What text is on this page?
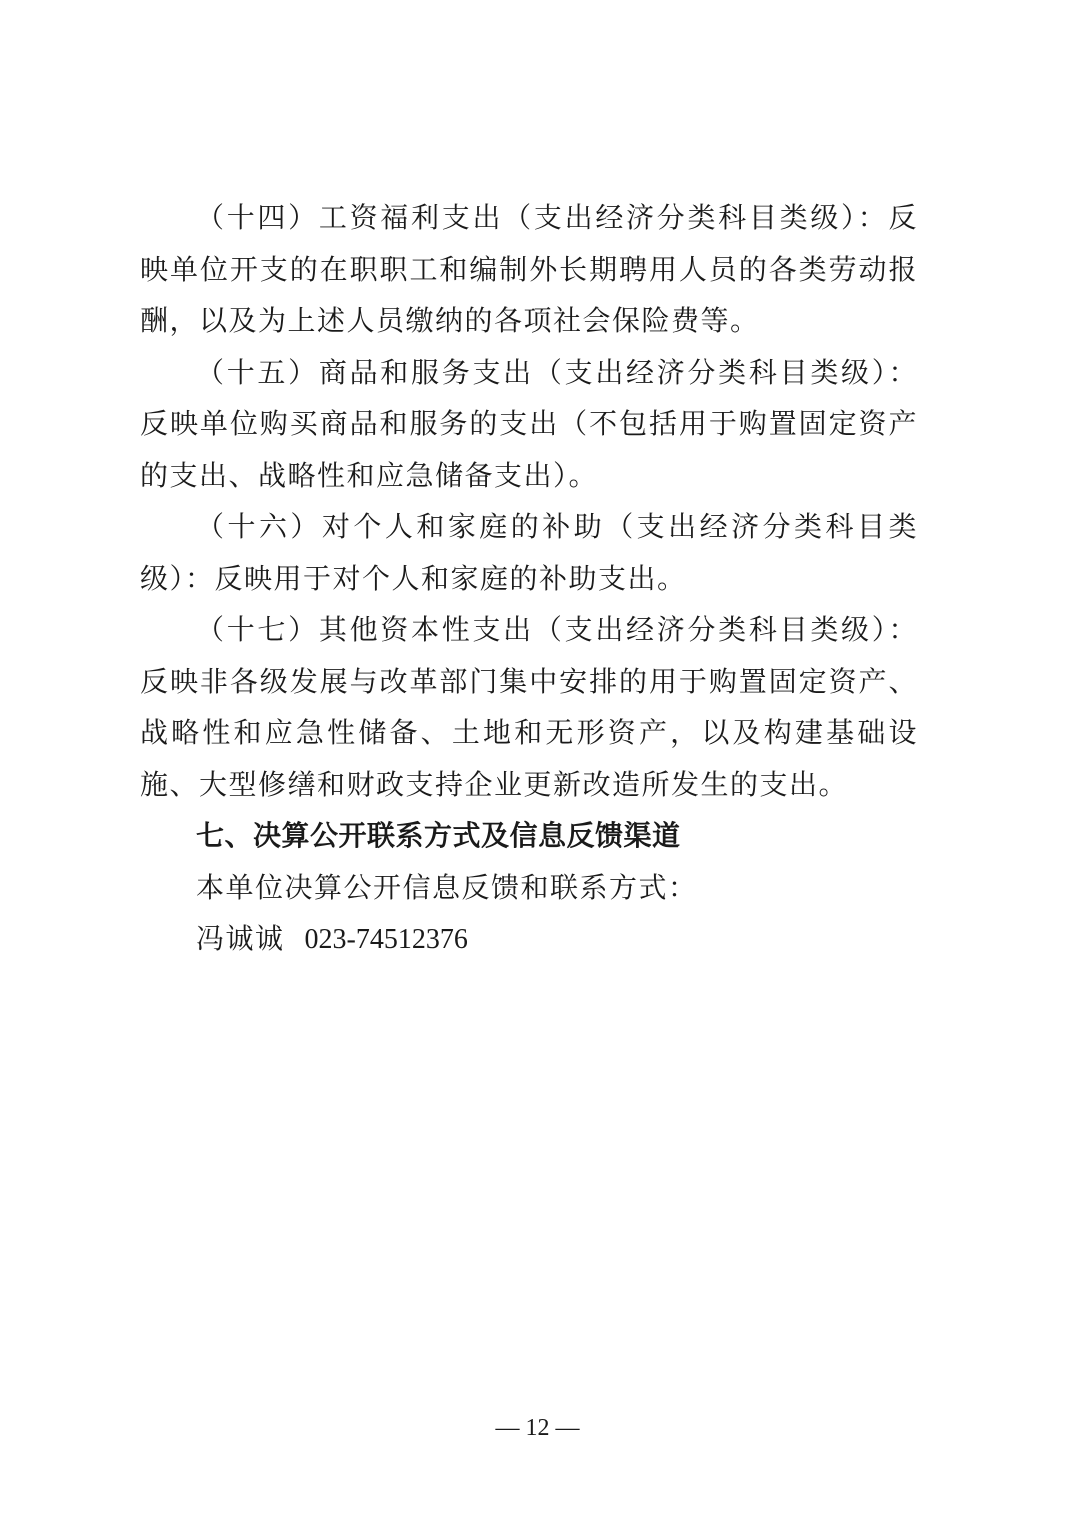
（十四）工资福利支出（支出经济分类科目类级）：反映单位开支的在职职工和编制外长期聘用人员的各类劳动报酬，以及为上述人员缴纳的各项社会保险费等。

（十五）商品和服务支出（支出经济分类科目类级）：反映单位购买商品和服务的支出（不包括用于购置固定资产的支出、战略性和应急储备支出）。

（十六）对个人和家庭的补助（支出经济分类科目类级）：反映用于对个人和家庭的补助支出。

（十七）其他资本性支出（支出经济分类科目类级）：反映非各级发展与改革部门集中安排的用于购置固定资产、战略性和应急性储备、土地和无形资产，以及构建基础设施、大型修缮和财政支持企业更新改造所发生的支出。

七、决算公开联系方式及信息反馈渠道

本单位决算公开信息反馈和联系方式：

冯诚诚 023-74512376

— 12 —
